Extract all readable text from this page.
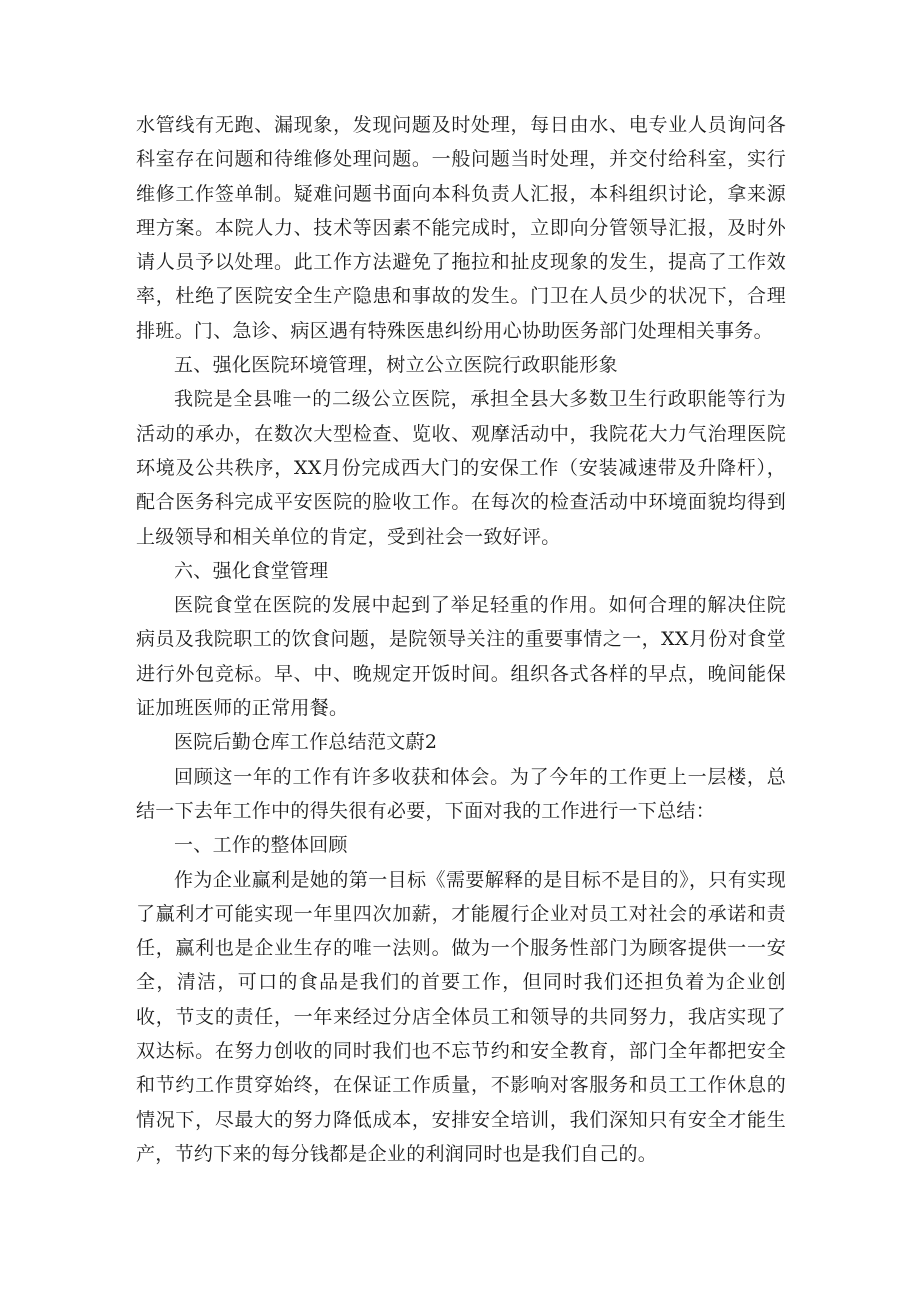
水管线有无跑、漏现象，发现问题及时处理，每日由水、电专业人员询问各科室存在问题和待维修处理问题。一般问题当时处理，并交付给科室，实行维修工作签单制。疑难问题书面向本科负责人汇报，本科组织讨论，拿来源理方案。本院人力、技术等因素不能完成时，立即向分管领导汇报，及时外请人员予以处理。此工作方法避免了拖拉和扯皮现象的发生，提高了工作效率，杜绝了医院安全生产隐患和事故的发生。门卫在人员少的状况下，合理排班。门、急诊、病区遇有特殊医患纠纷用心协助医务部门处理相关事务。

五、强化医院环境管理，树立公立医院行政职能形象

我院是全县唯一的二级公立医院，承担全县大多数卫生行政职能等行为活动的承办，在数次大型检查、览收、观摩活动中，我院花大力气治理医院环境及公共秩序，XX月份完成西大门的安保工作（安装减速带及升降杆），配合医务科完成平安医院的脸收工作。在每次的检查活动中环境面貌均得到上级领导和相关单位的肯定，受到社会一致好评。

六、强化食堂管理

医院食堂在医院的发展中起到了举足轻重的作用。如何合理的解决住院病员及我院职工的饮食问题，是院领导关注的重要事情之一，XX月份对食堂进行外包竞标。早、中、晚规定开饭时间。组织各式各样的早点，晚间能保证加班医师的正常用餐。

医院后勤仓库工作总结范文蔚2

回顾这一年的工作有许多收获和体会。为了今年的工作更上一层楼，总结一下去年工作中的得失很有必要，下面对我的工作进行一下总结：

一、工作的整体回顾

作为企业赢利是她的第一目标《需要解释的是目标不是目的》，只有实现了赢利才可能实现一年里四次加薪，才能履行企业对员工对社会的承诺和责任，赢利也是企业生存的唯一法则。做为一个服务性部门为顾客提供一一安全，清洁，可口的食品是我们的首要工作，但同时我们还担负着为企业创收，节支的责任，一年来经过分店全体员工和领导的共同努力，我店实现了双达标。在努力创收的同时我们也不忘节约和安全教育，部门全年都把安全和节约工作贯穿始终，在保证工作质量，不影响对客服务和员工工作休息的情况下，尽最大的努力降低成本，安排安全培训，我们深知只有安全才能生产，节约下来的每分钱都是企业的利润同时也是我们自己的。
